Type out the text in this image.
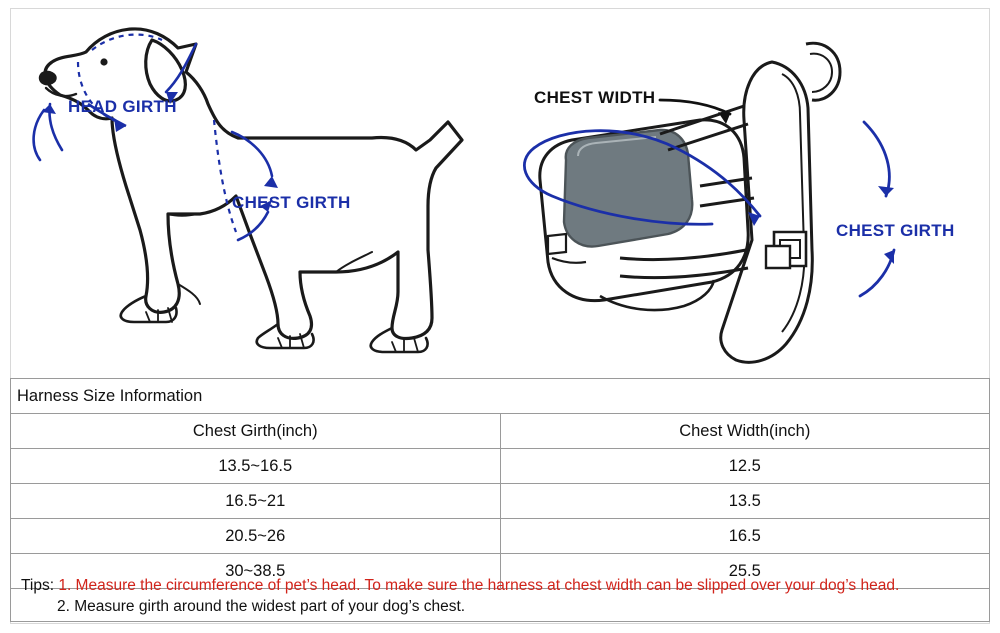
HEAD GIRTH
CHEST GIRTH
CHEST WIDTH
CHEST GIRTH
Harness Size Information	
Chest Girth(inch)	Chest Width(inch)
13.5~16.5	12.5
16.5~21	13.5
20.5~26	16.5
30~38.5	25.5
Tips: 1. Measure the circumference of pet’s head. To make sure the harness at chest width can be slipped over your dog’s head.
2. Measure girth around the widest part of your dog’s chest.
